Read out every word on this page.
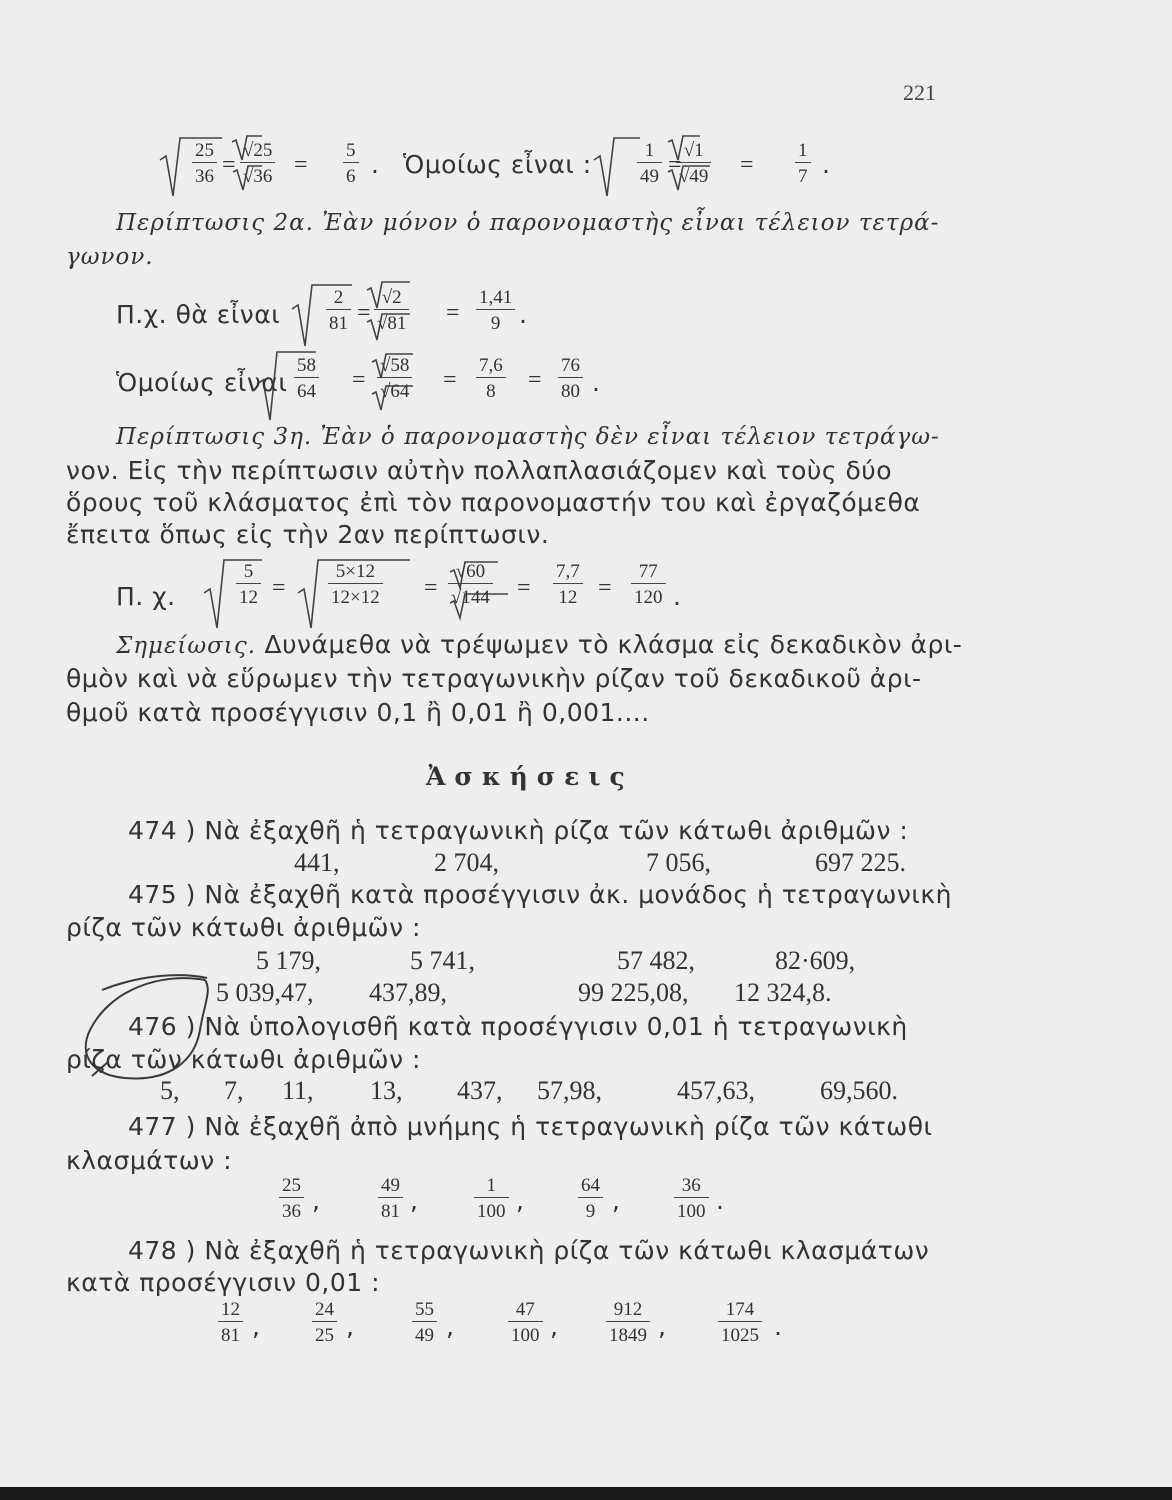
221
$\frac{25}{36} = \frac{√25}{√36} = \frac{5}{6}$ . Ὁμοίως εἶναι : $\frac{1}{49}$ =
$\frac{√1}{√49} = \frac{1}{7}$ .
Περίπτωσις 2α. Ἐὰν μόνον ὁ παρονομαστὴς εἶναι τέλειον τετρά-
γωνον.
Π.χ. θὰ εἶναι $\frac{2}{81} = \frac{√2}{√81} = \frac{1,41}{9}$ .
Ὁμοίως εἶναι $\frac{58}{64} = \frac{√58}{√64} = \frac{7,6}{8} = \frac{76}{80}$ .
Περίπτωσις 3η. Ἐὰν ὁ παρονομαστὴς δὲν εἶναι τέλειον τετράγω-
νον. Εἰς τὴν περίπτωσιν αὐτὴν πολλαπλασιάζομεν καὶ τοὺς δύο
ὅρους τοῦ κλάσματος ἐπὶ τὸν παρονομαστήν του καὶ ἐργαζόμεθα
ἔπειτα ὅπως εἰς τὴν 2αν περίπτωσιν.
Π. χ.	$\frac{5}{12} = \frac{5\times 12}{12\times 12} = \frac{√60}{√144} = \frac{7,7}{12} = \frac{77}{120}$ .
Σημείωσις. Δυνάμεθα νὰ τρέψωμεν τὸ κλάσμα εἰς δεκαδικὸν ἀρι-
θμὸν καὶ νὰ εὕρωμεν τὴν τετραγωνικὴν ρίζαν τοῦ δεκαδικοῦ ἀρι-
θμοῦ κατὰ προσέγγισιν 0,1 ἢ 0,01 ἢ 0,001....
Ἀσκήσεις
474 ) Νὰ ἐξαχθῆ ἡ τετραγωνικὴ ρίζα τῶν κάτωθι ἀριθμῶν :
441,	2 704,	7 056,	697 225.
475 ) Νὰ ἐξαχθῆ κατὰ προσέγγισιν ἀκ. μονάδος ἡ τετραγωνικὴ
ρίζα τῶν κάτωθι ἀριθμῶν :
5 179,	5 741,	57 482,	82·609,
5 039,47, 437,89,	99 225,08, 12 324,8.
476 ) Νὰ ὑπολογισθῆ κατὰ προσέγγισιν 0,01 ἡ τετραγωνικὴ
ρίζα τῶν κάτωθι ἀριθμῶν :
5, 7, 11, 13, 437, 57,98,	457,63,	69,560.
477 ) Νὰ ἐξαχθῆ ἀπὸ μνήμης ἡ τετραγωνικὴ ρίζα τῶν κάτωθι
κλασμάτων :
$\frac{25}{36}$ ,	$\frac{49}{81}$ ,	$\frac{1}{100}$ ,	$\frac{64}{9}$ ,	$\frac{36}{100}$ .
478 ) Νὰ ἐξαχθῆ ἡ τετραγωνικὴ ρίζα τῶν κάτωθι κλασμάτων
κατὰ προσέγγισιν 0,01 :
$\frac{12}{81}$ ,	$\frac{24}{25}$ ,	$\frac{55}{49}$ ,	$\frac{47}{100}$ ,	$\frac{912}{1849}$ ,	$\frac{174}{1025}$ .
